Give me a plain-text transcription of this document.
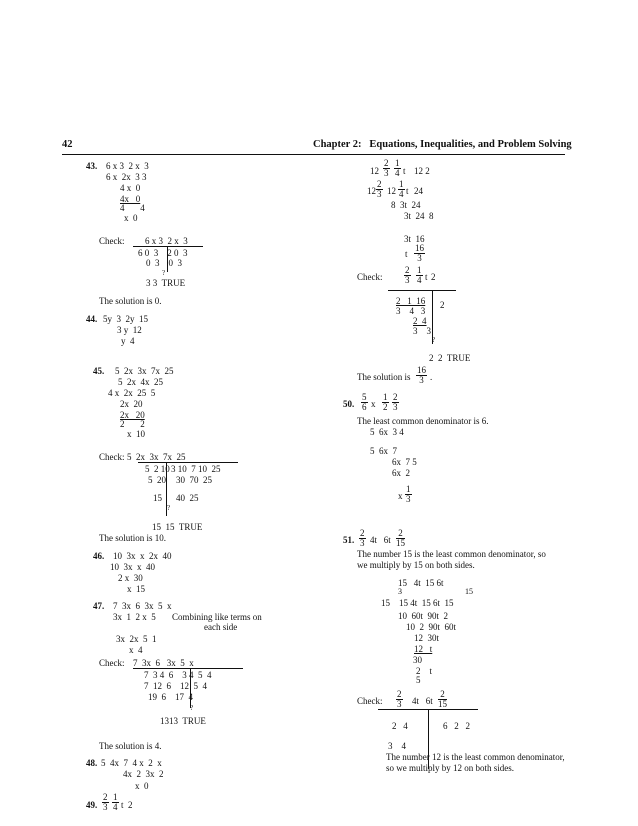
42	Chapter 2:   Equations, Inequalities, and Problem Solving
43. 6 x 3  2 x  3
6 x  2x  3 3
4 x  0
4x   0
4       4
x  0
Check: 6 x 3  2 x  3
6 0  3    2 0  3
0  3    0  3
?
3 3  TRUE
The solution is 0.
44. 5y  3  2y  15
3 y  12
y  4
45. 5  2x  3x  7x  25
5  2x  4x  25
4 x  2x  25  5
2x  20
2x   20
2       2
x  10
Check: 5  2x  3x  7x  25
5  2 10
5  20
15
3 10  7 10  25
30  70  25
40  25
?
15  15  TRUE
The solution is 10.
46. 10  3x  x  2x  40
10  3x  x  40
2 x  30
x  15
47. 7  3x  6  3x  5  x
3x  1  2 x  5 Combining like terms on
each side
3x  2x  5  1
x  4
Check: 7  3x  6   3x  5  x
7  3 4  6    3 4  5  4
7  12  6    12  5  4
19  6    17  4
?
1313  TRUE
The solution is 4.
48. 5  4x  7  4 x  2  x
4x  2  3x  2
x  0
49. $\frac{2}{3} \frac{1}{4}$ t  2
$12 \frac{2}{3} \frac{1}{4}$ t 12 2
$12 \frac{2}{3} 12 \frac{1}{4}$ t 24
8  3t  24
3t  24  8
3t  16
t $\frac{16}{3}$
Check: $\frac{2}{3} \frac{1}{4}$ t 2
2   1  16
3    4   3
2
2  4
3    3
?
2  2  TRUE
The solution is $\frac{16}{3}$ .
50. $\frac{5}{6}$ x $\frac{1}{2} \frac{2}{3}$
The least common denominator is 6.
5  6x  3 4
5  6x  7
6x  7 5
6x  2
x $\frac{1}{3}$
51. $\frac{2}{3} 4t$   $6t \frac{2}{15}$
The number 15 is the least common denominator, so
we multiply by 15 on both sides.
15   4t  15 6t
3	15
15    15 4t  15 6t  15
10  60t  90t  2
10  2  90t  60t
12  30t
12   t
30
2    t
5
Check: $\frac{2}{3} 4t$   $6t \frac{2}{15}$
2   4	6   2   2
3    4
The number 12 is the least common denominator,
so we multiply by 12 on both sides.
